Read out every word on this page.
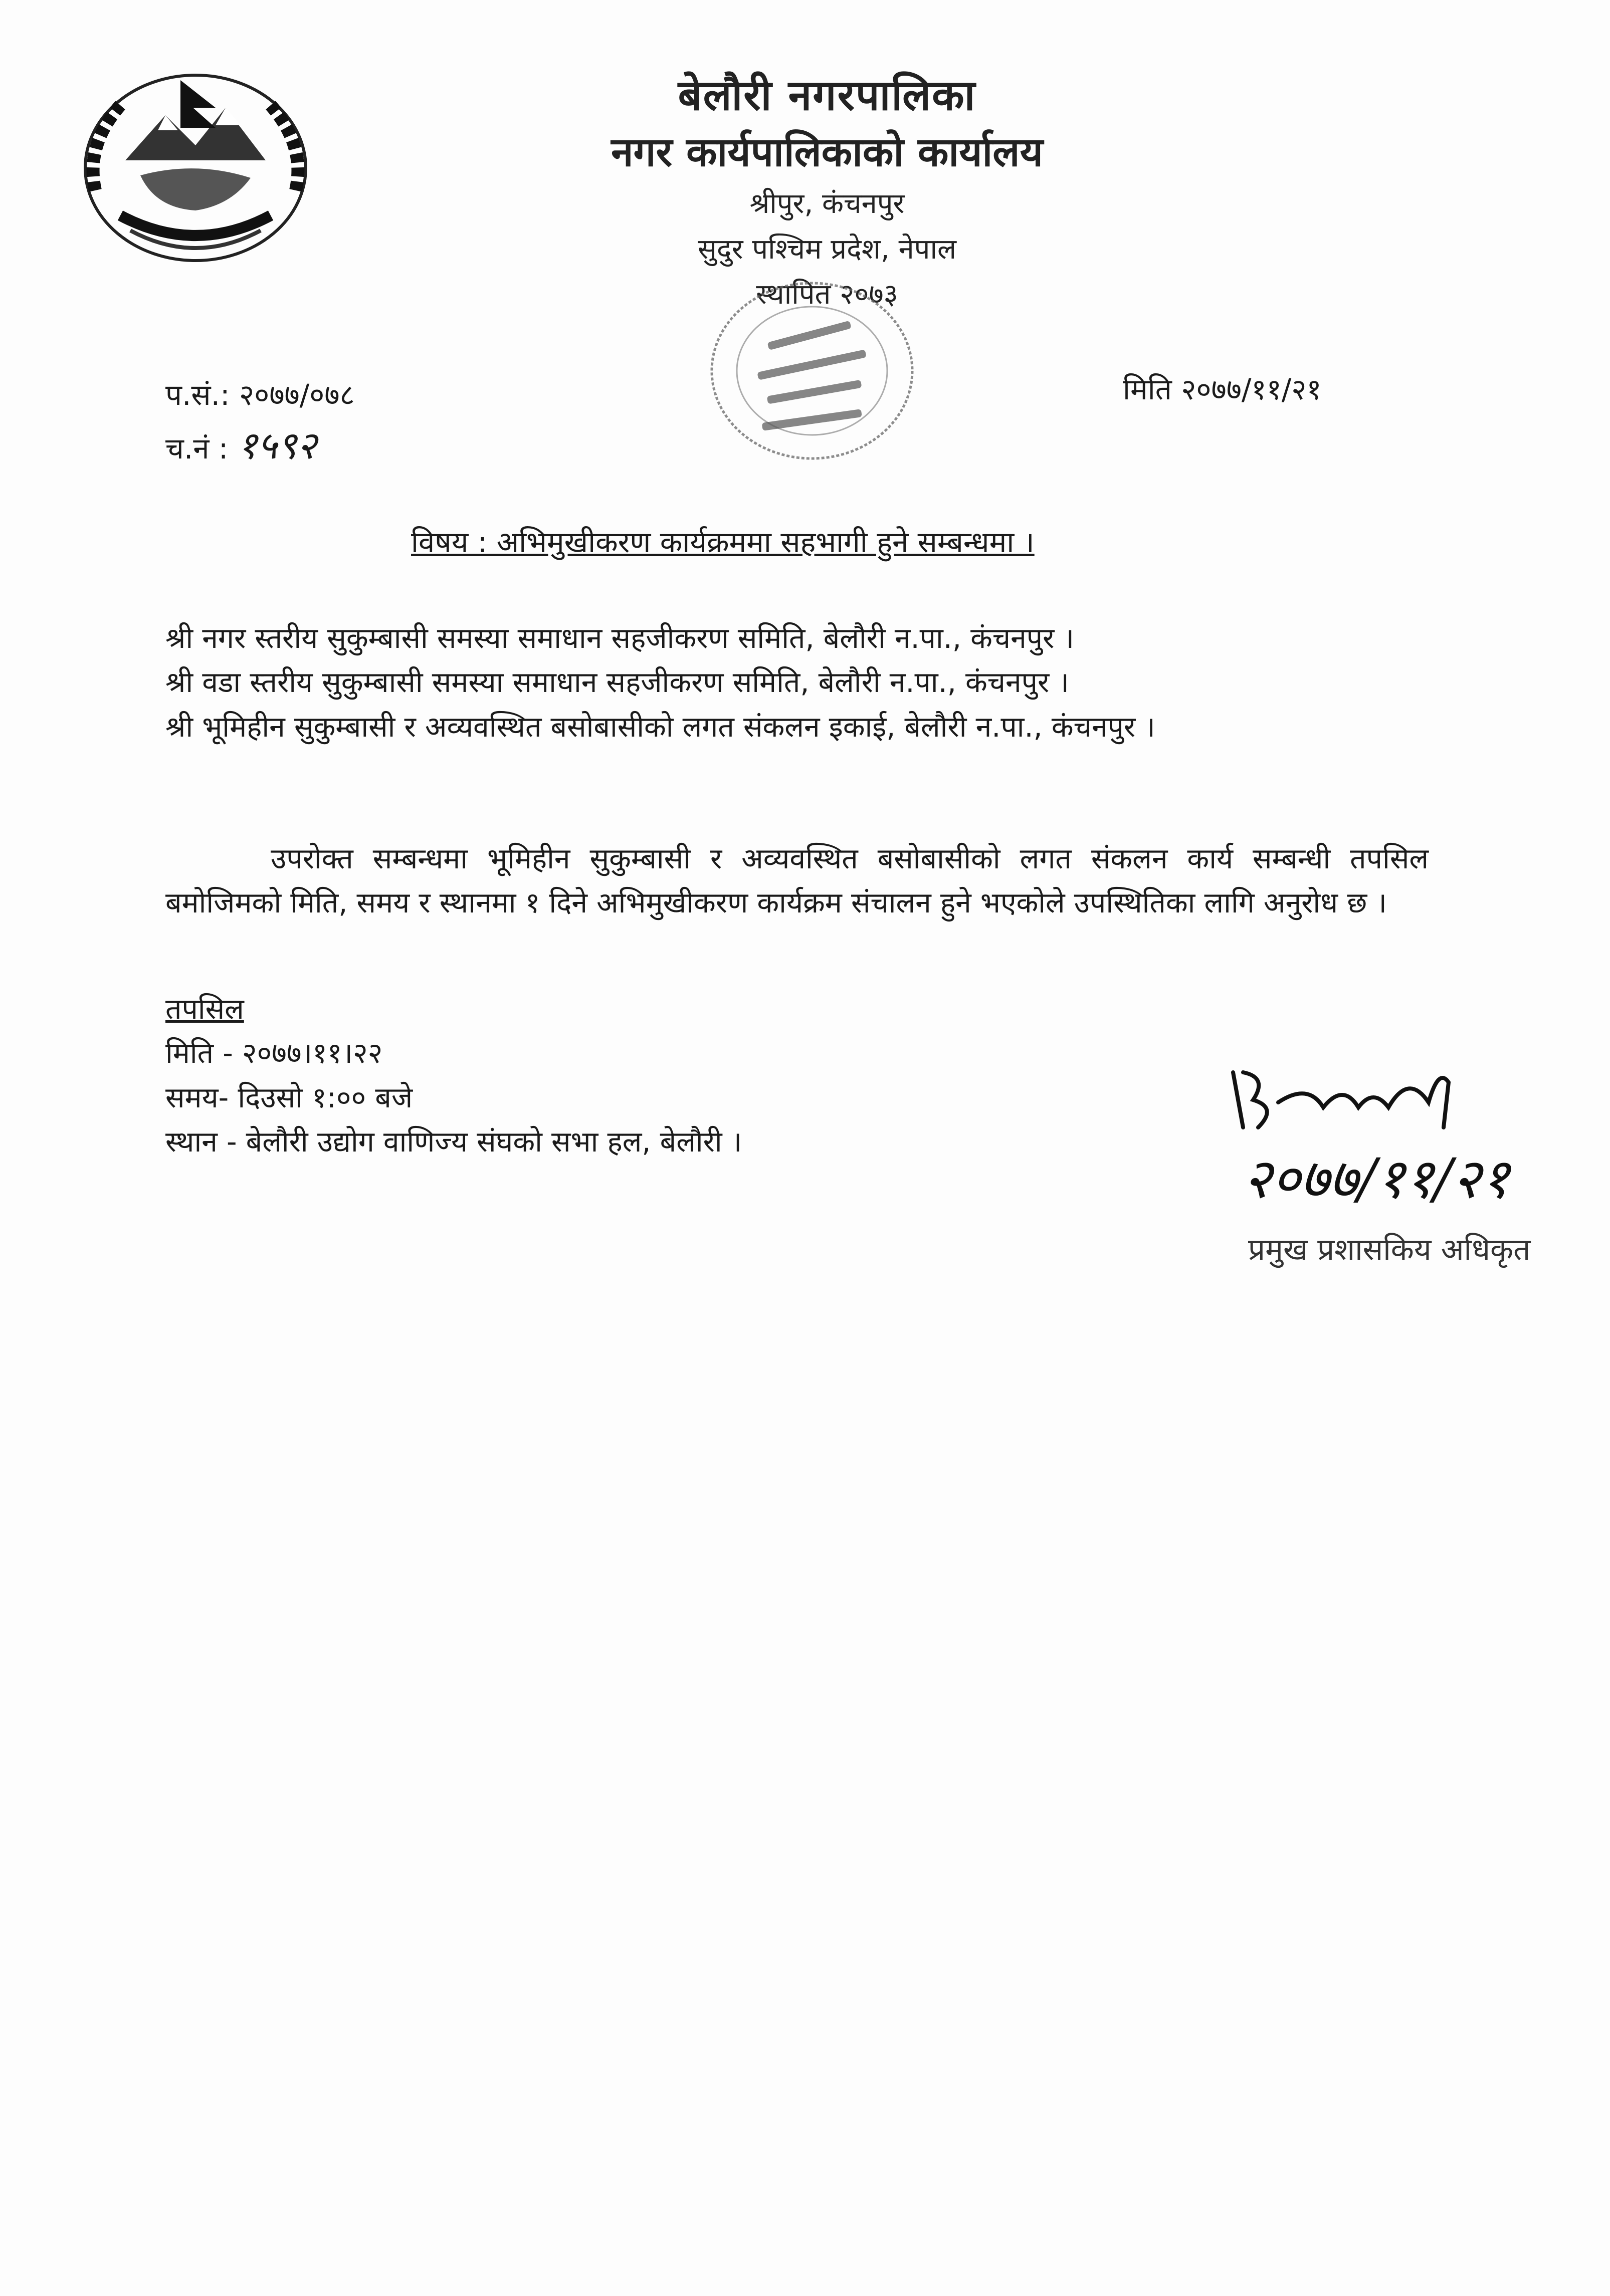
बेलौरी नगरपालिका
नगर कार्यपालिकाको कार्यालय
श्रीपुर, कंचनपुर
सुदुर पश्चिम प्रदेश, नेपाल
स्थापित २०७३
प.सं.: २०७७/०७८
च.नं : १५९२
मिति २०७७/११/२१
विषय : अभिमुखीकरण कार्यक्रममा सहभागी हुने सम्बन्धमा ।
श्री नगर स्तरीय सुकुम्बासी समस्या समाधान सहजीकरण समिति, बेलौरी न.पा., कंचनपुर ।
श्री वडा स्तरीय सुकुम्बासी समस्या समाधान सहजीकरण समिति, बेलौरी न.पा., कंचनपुर ।
श्री भूमिहीन सुकुम्बासी र अव्यवस्थित बसोबासीको लगत संकलन इकाई, बेलौरी न.पा., कंचनपुर ।
उपरोक्त सम्बन्धमा भूमिहीन सुकुम्बासी र अव्यवस्थित बसोबासीको लगत संकलन कार्य सम्बन्धी तपसिल बमोजिमको मिति, समय र स्थानमा १ दिने अभिमुखीकरण कार्यक्रम संचालन हुने भएकोले उपस्थितिका लागि अनुरोध छ ।
तपसिल
मिति - २०७७।११।२२
समय- दिउसो १:०० बजे
स्थान - बेलौरी उद्योग वाणिज्य संघको सभा हल, बेलौरी ।
२०७७/११/२१
प्रमुख प्रशासकिय अधिकृत
